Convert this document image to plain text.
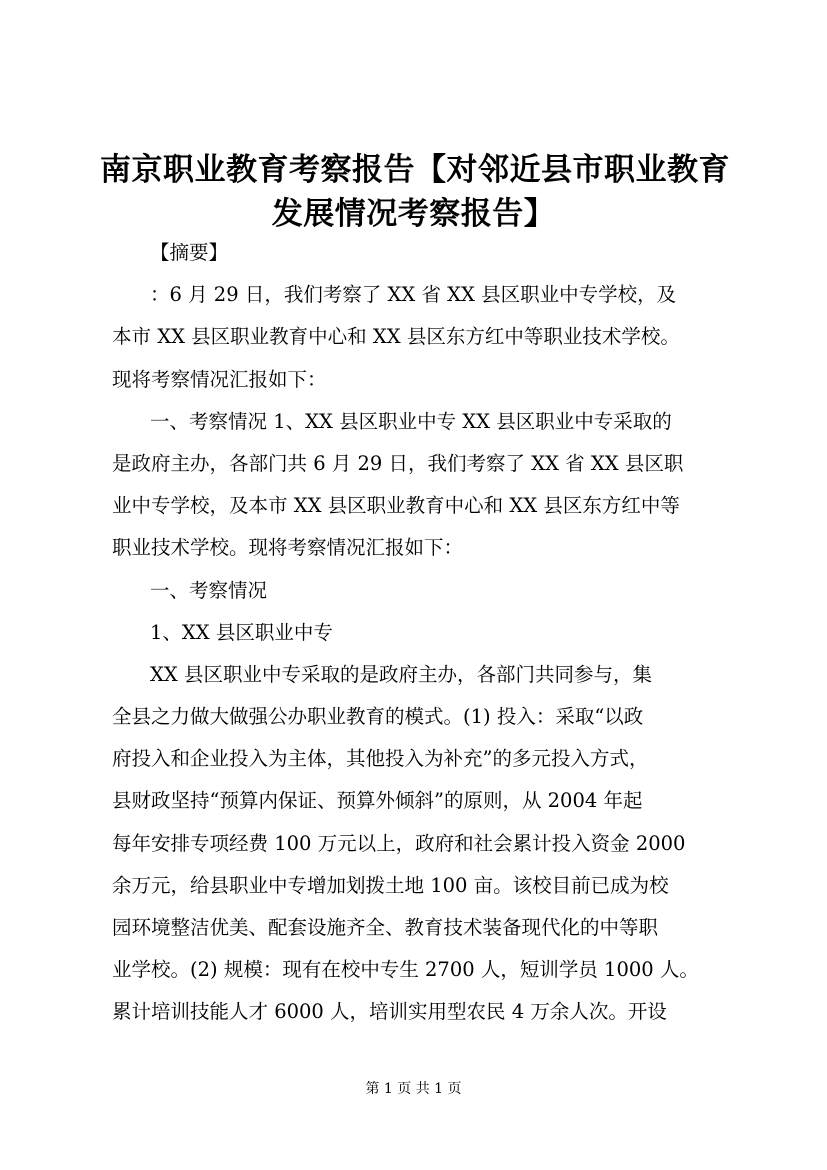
南京职业教育考察报告【对邻近县市职业教育
发展情况考察报告】
【摘要】
：6 月 29 日，我们考察了 XX 省 XX 县区职业中专学校，及
本市 XX 县区职业教育中心和 XX 县区东方红中等职业技术学校。
现将考察情况汇报如下：
一、考察情况 1、XX 县区职业中专 XX 县区职业中专采取的
是政府主办，各部门共 6 月 29 日，我们考察了 XX 省 XX 县区职
业中专学校，及本市 XX 县区职业教育中心和 XX 县区东方红中等
职业技术学校。现将考察情况汇报如下：
一、考察情况
1、XX 县区职业中专
XX 县区职业中专采取的是政府主办，各部门共同参与，集
全县之力做大做强公办职业教育的模式。(1) 投入：采取“以政
府投入和企业投入为主体，其他投入为补充”的多元投入方式，
县财政坚持“预算内保证、预算外倾斜”的原则，从 2004 年起
每年安排专项经费 100 万元以上，政府和社会累计投入资金 2000
余万元，给县职业中专增加划拨土地 100 亩。该校目前已成为校
园环境整洁优美、配套设施齐全、教育技术装备现代化的中等职
业学校。(2) 规模：现有在校中专生 2700 人，短训学员 1000 人。
累计培训技能人才 6000 人，培训实用型农民 4 万余人次。开设
第 1 页 共 1 页
